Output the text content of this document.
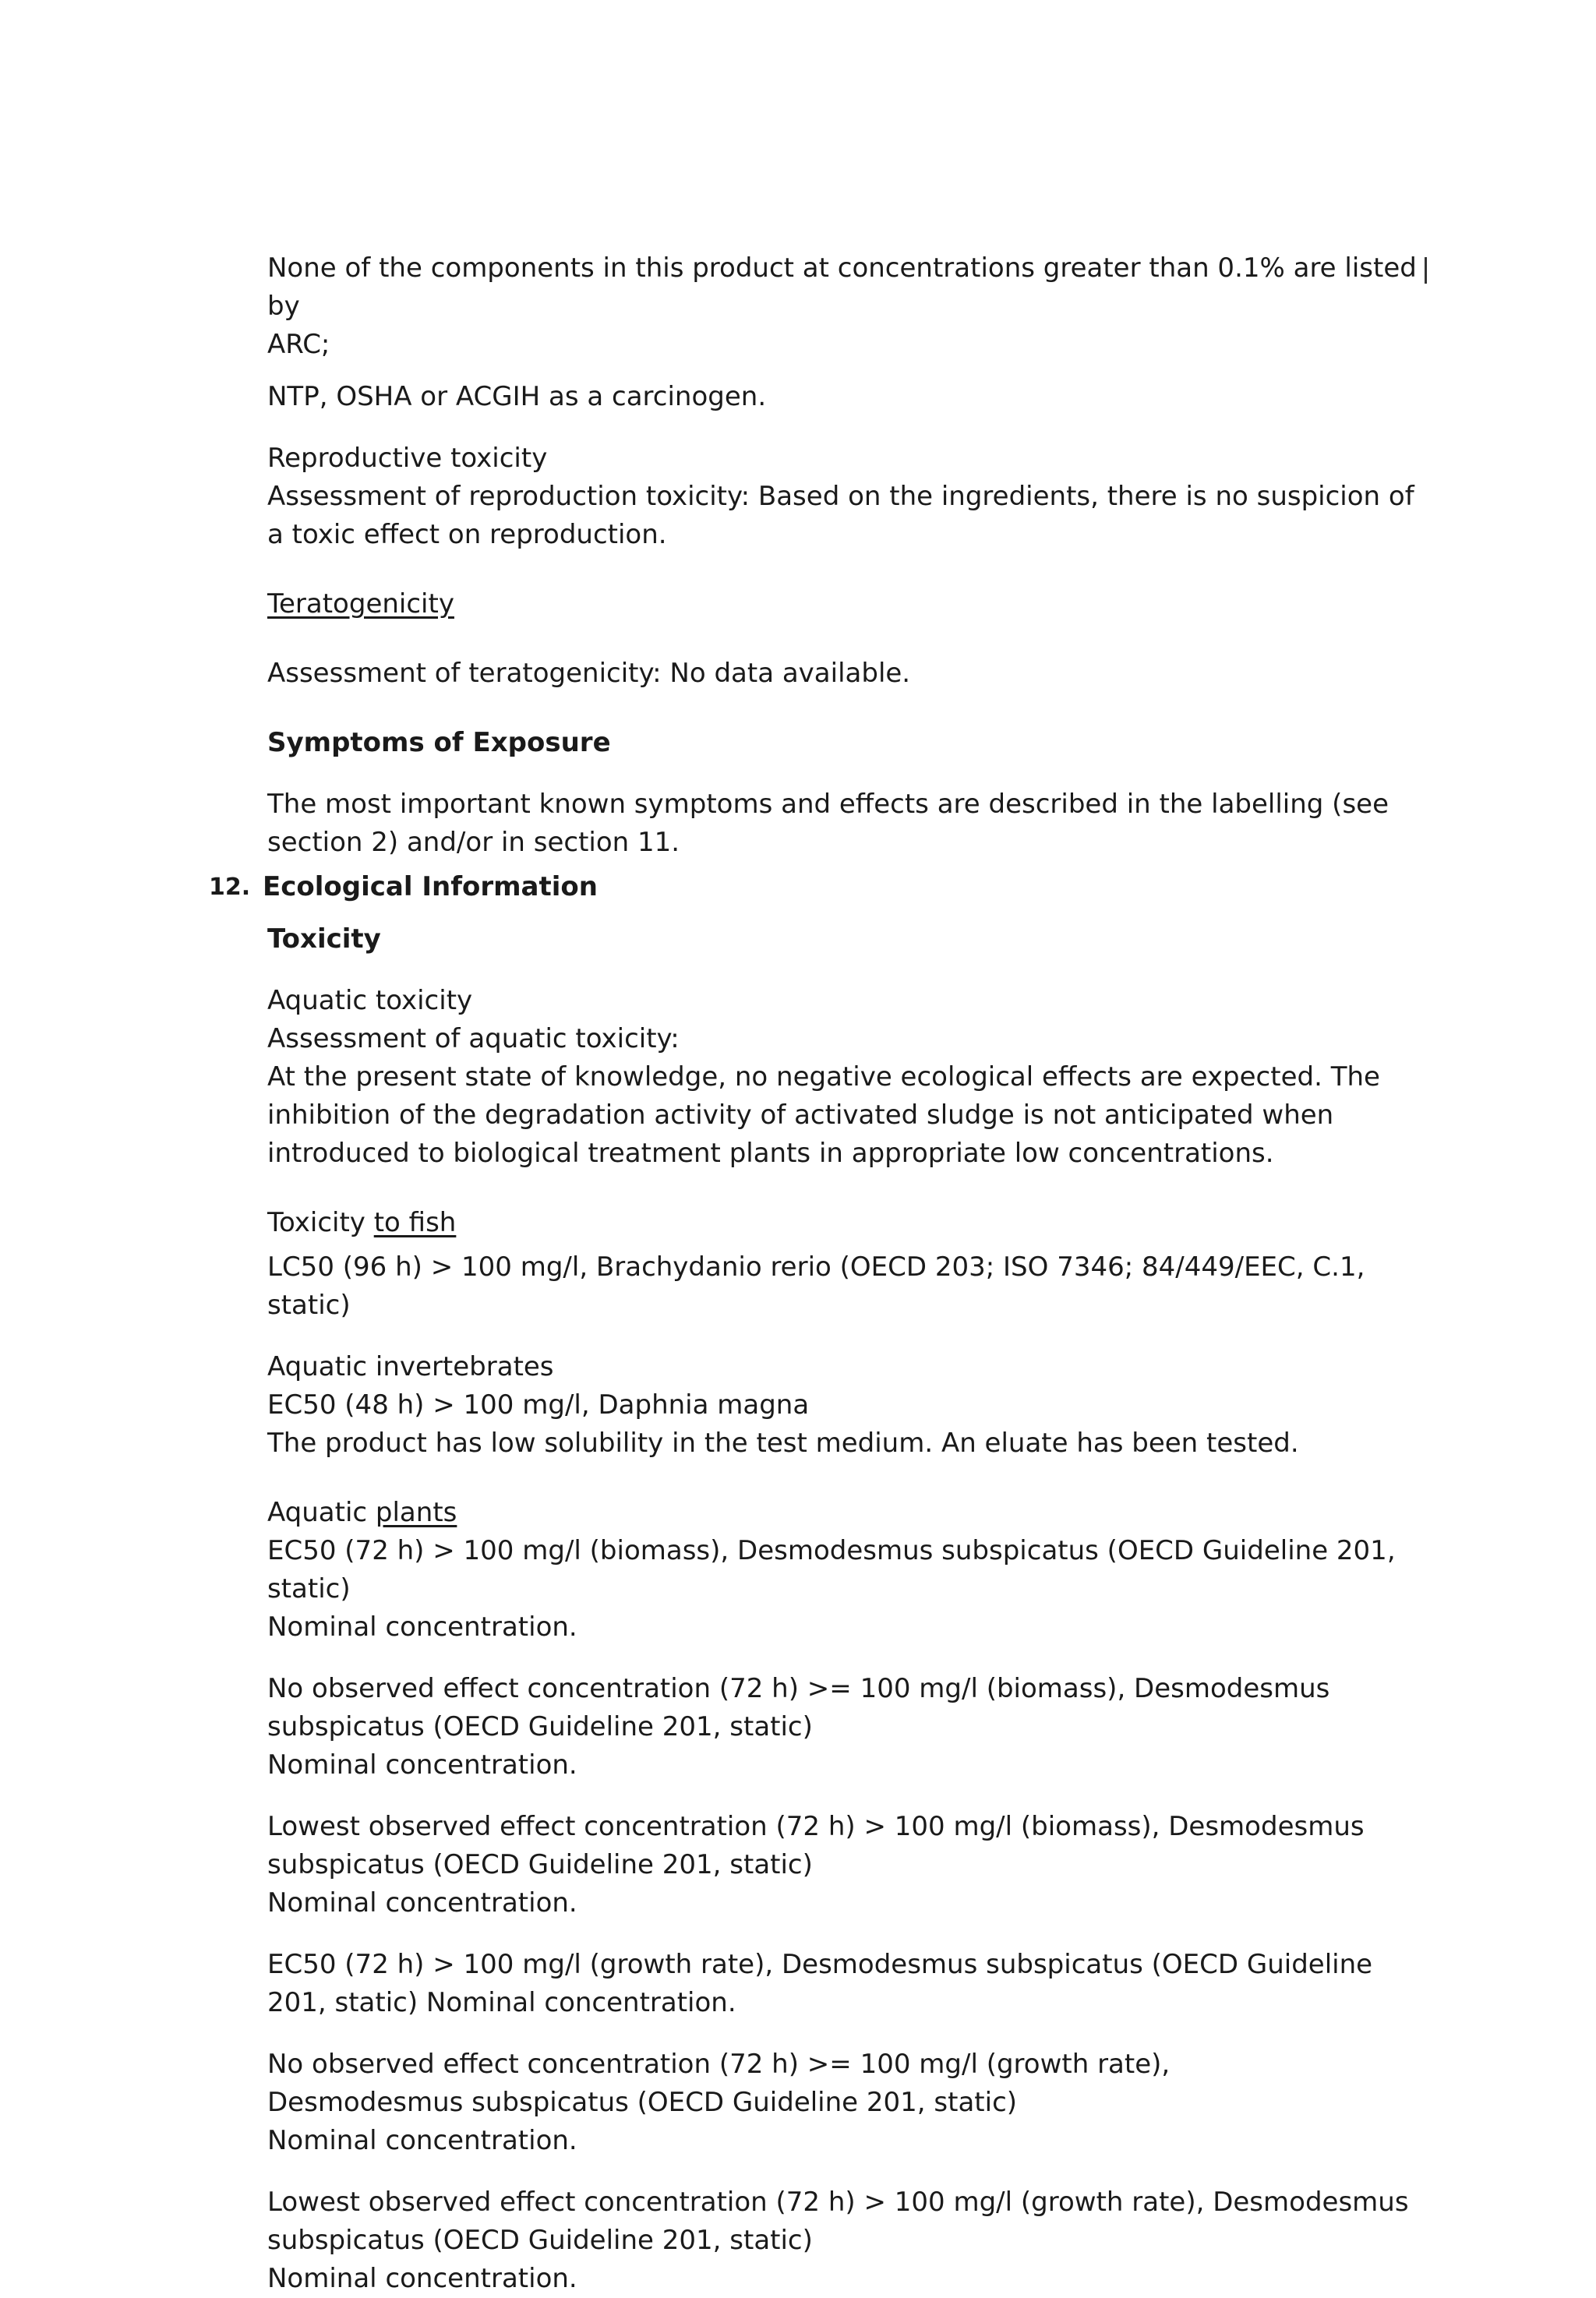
None of the components in this product at concentrations greater than 0.1% are listed by

ARC;

NTP, OSHA or ACGIH as a carcinogen.

Reproductive toxicity

Assessment of reproduction toxicity: Based on the ingredients, there is no suspicion of a toxic effect on reproduction.

Teratogenicity

Assessment of teratogenicity: No data available.

Symptoms of Exposure

The most important known symptoms and effects are described in the labelling (see section 2) and/or in section 11.

12. Ecological Information

Toxicity

Aquatic toxicity

Assessment of aquatic toxicity:

At the present state of knowledge, no negative ecological effects are expected. The inhibition of the degradation activity of activated sludge is not anticipated when introduced to biological treatment plants in appropriate low concentrations.

Toxicity to fish

LC50 (96 h) > 100 mg/l, Brachydanio rerio (OECD 203; ISO 7346; 84/449/EEC, C.1, static)

Aquatic invertebrates

EC50 (48 h) > 100 mg/l, Daphnia magna

The product has low solubility in the test medium. An eluate has been tested.

Aquatic plants

EC50 (72 h) > 100 mg/l (biomass), Desmodesmus subspicatus (OECD Guideline 201, static)

Nominal concentration.

No observed effect concentration (72 h) >= 100 mg/l (biomass), Desmodesmus subspicatus (OECD Guideline 201, static)

Nominal concentration.

Lowest observed effect concentration (72 h) > 100 mg/l (biomass), Desmodesmus subspicatus (OECD Guideline 201, static)

Nominal concentration.

EC50 (72 h) > 100 mg/l (growth rate), Desmodesmus subspicatus (OECD Guideline 201, static) Nominal concentration.

No observed effect concentration (72 h) >= 100 mg/l (growth rate), Desmodesmus subspicatus (OECD Guideline 201, static)

Nominal concentration.

Lowest observed effect concentration (72 h) > 100 mg/l (growth rate), Desmodesmus subspicatus (OECD Guideline 201, static)

Nominal concentration.
